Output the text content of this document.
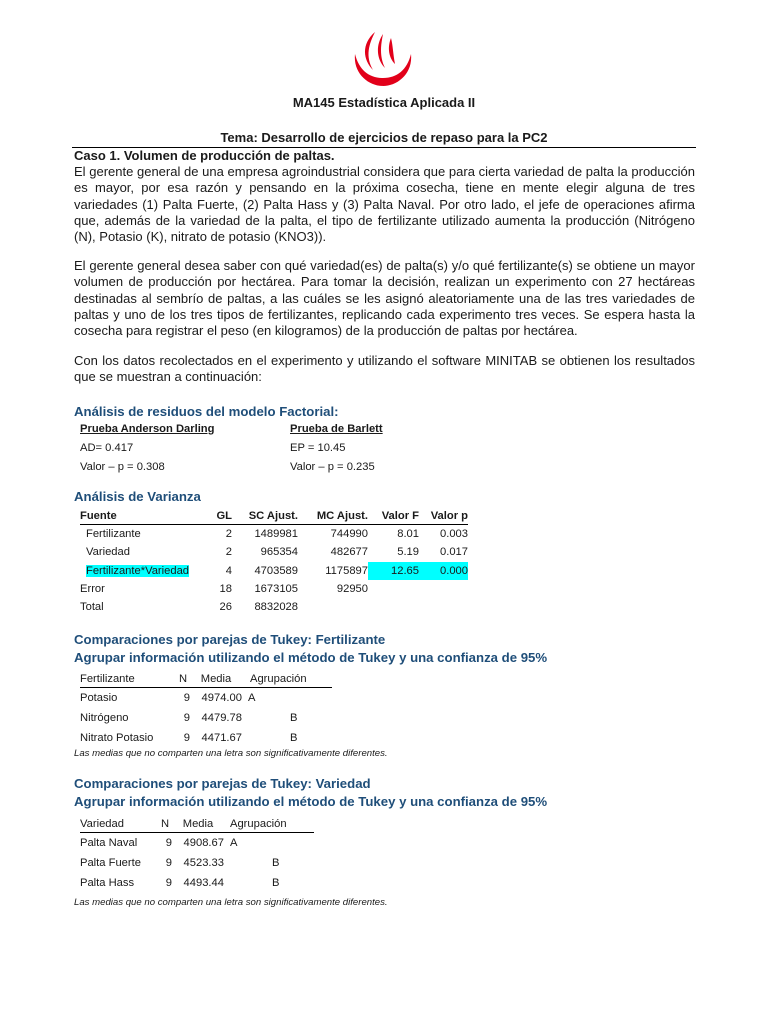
MA145 Estadística Aplicada II
Tema: Desarrollo de ejercicios de repaso para la PC2
Caso 1. Volumen de producción de paltas.

El gerente general de una empresa agroindustrial considera que para cierta variedad de palta la producción es mayor, por esa razón y pensando en la próxima cosecha, tiene en mente elegir alguna de tres variedades (1) Palta Fuerte, (2) Palta Hass y (3) Palta Naval. Por otro lado, el jefe de operaciones afirma que, además de la variedad de la palta, el tipo de fertilizante utilizado aumenta la producción (Nitrógeno (N), Potasio (K), nitrato de potasio (KNO3)).

El gerente general desea saber con qué variedad(es) de palta(s) y/o qué fertilizante(s) se obtiene un mayor volumen de producción por hectárea. Para tomar la decisión, realizan un experimento con 27 hectáreas destinadas al sembrío de paltas, a las cuáles se les asignó aleatoriamente una de las tres variedades de paltas y uno de los tres tipos de fertilizantes, replicando cada experimento tres veces. Se espera hasta la cosecha para registrar el peso (en kilogramos) de la producción de paltas por hectárea.

Con los datos recolectados en el experimento y utilizando el software MINITAB se obtienen los resultados que se muestran a continuación:

Análisis de residuos del modelo Factorial:
Prueba Anderson Darling
AD= 0.417
Valor – p = 0.308
Prueba de Barlett
EP = 10.45
Valor – p = 0.235
Análisis de Varianza
Fuente	GL	SC Ajust.	MC Ajust.	Valor F	Valor p
Fertilizante	2	1489981	744990	8.01	0.003
Variedad	2	965354	482677	5.19	0.017
Fertilizante*Variedad	4	4703589	1175897	12.65	0.000
Error	18	1673105	92950		
Total	26	8832028			
Comparaciones por parejas de Tukey: Fertilizante
Agrupar información utilizando el método de Tukey y una confianza de 95%
Fertilizante	N	Media	Agrupación	
Potasio	9	4974.00	A	
Nitrógeno	9	4479.78		B
Nitrato Potasio	9	4471.67		B
Las medias que no comparten una letra son significativamente diferentes.
Comparaciones por parejas de Tukey: Variedad
Agrupar información utilizando el método de Tukey y una confianza de 95%
Variedad	N	Media	Agrupación	
Palta Naval	9	4908.67	A	
Palta Fuerte	9	4523.33		B
Palta Hass	9	4493.44		B
Las medias que no comparten una letra son significativamente diferentes.
